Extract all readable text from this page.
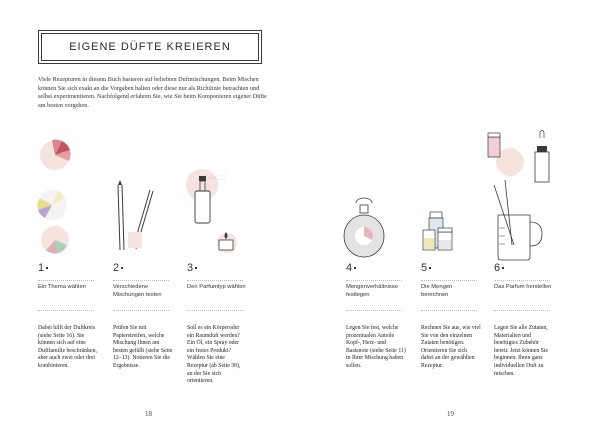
EIGENE DÜFTE KREIEREN
Viele Rezepturen in diesem Buch basieren auf beliebten Duftmischungen. Beim Mischen können Sie sich exakt an die Vorgaben halten oder diese nur als Richtlinie betrachten und selbst experimentieren. Nachfolgend erfahren Sie, wie Sie beim Komponieren eigener Düfte am besten vorgehen.
1
Ein Thema wählen
Dabei hilft der Duftkreis (siehe Seite 16). Sie können sich auf eine Duftfamilie beschränken, aber auch zwei oder drei kombinieren.
2
Verschiedene Mischungen testen
Prüfen Sie mit Papierstreifen, welche Mischung Ihnen am besten gefällt (siehe Seite 12–13). Notieren Sie die Ergebnisse.
3
Den Parfumtyp wählen
Soll es ein Körperoder ein Raumduft werden? Ein Öl, ein Spray oder ein festes Produkt? Wählen Sie eine Rezeptur (ab Seite 30), an der Sie sich orientieren.
4
Mengenverhältnisse festlegen
Legen Sie fest, welche prozentualen Anteile Kopf-, Herz- und Basisnote (siehe Seite 11) in Ihrer Mischung haben sollen.
5
Die Mengen berechnen
Rechnen Sie aus, wie viel Sie von den einzelnen Zutaten benötigen. Orientieren Sie sich dabei an der gewählten Rezeptur.
6
Das Parfum herstellen
Legen Sie alle Zutaten, Materialien und benötigtes Zubehör bereit. Jetzt können Sie beginnen. Ihren ganz individuellen Duft zu mischen.
18	19
